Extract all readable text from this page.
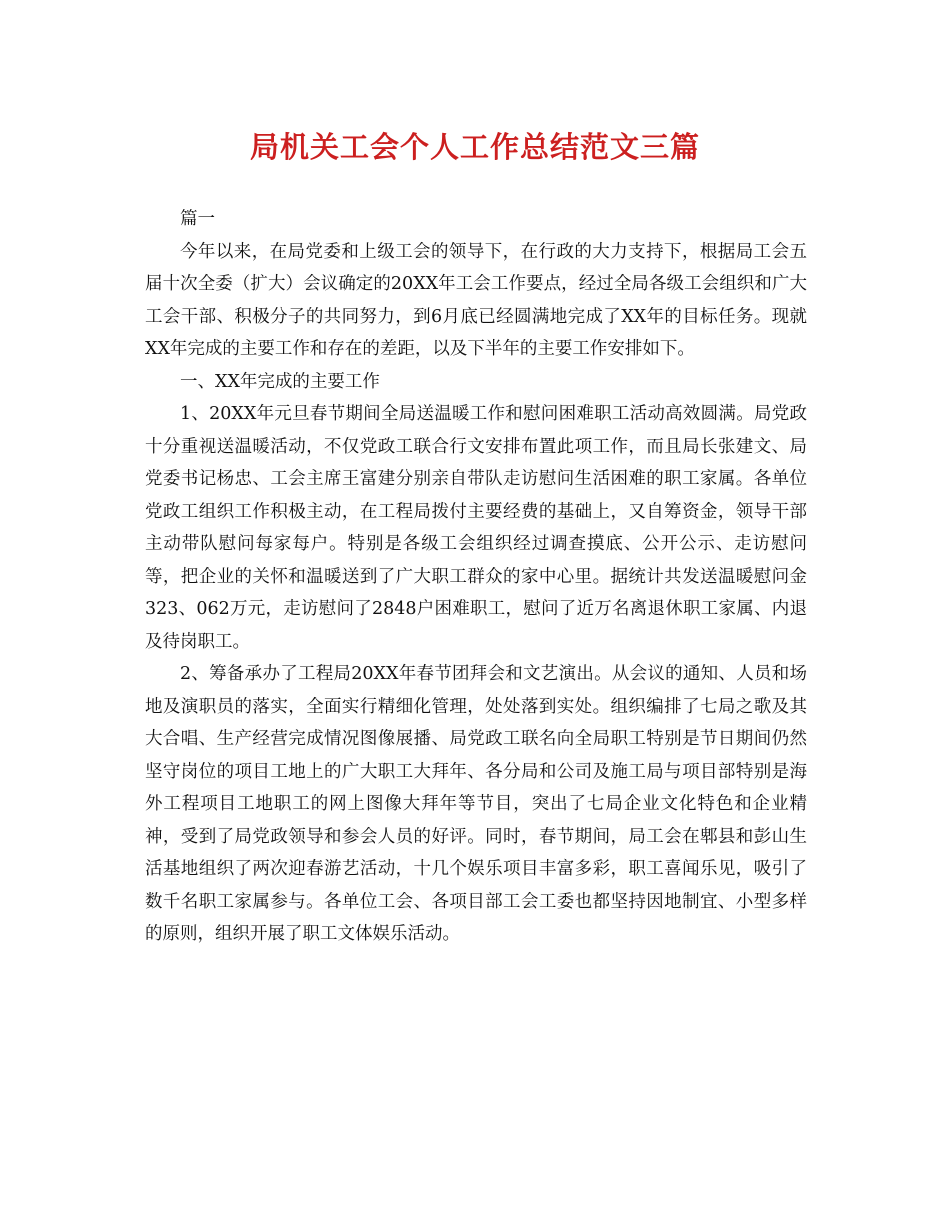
局机关工会个人工作总结范文三篇

篇一

今年以来，在局党委和上级工会的领导下，在行政的大力支持下，根据局工会五届十次全委（扩大）会议确定的20XX年工会工作要点，经过全局各级工会组织和广大工会干部、积极分子的共同努力，到6月底已经圆满地完成了XX年的目标任务。现就XX年完成的主要工作和存在的差距，以及下半年的主要工作安排如下。

一、XX年完成的主要工作

1、20XX年元旦春节期间全局送温暖工作和慰问困难职工活动高效圆满。局党政十分重视送温暖活动，不仅党政工联合行文安排布置此项工作，而且局长张建文、局党委书记杨忠、工会主席王富建分别亲自带队走访慰问生活困难的职工家属。各单位党政工组织工作积极主动，在工程局拨付主要经费的基础上，又自筹资金，领导干部主动带队慰问每家每户。特别是各级工会组织经过调查摸底、公开公示、走访慰问等，把企业的关怀和温暖送到了广大职工群众的家中心里。据统计共发送温暖慰问金323、062万元，走访慰问了2848户困难职工，慰问了近万名离退休职工家属、内退及待岗职工。

2、筹备承办了工程局20XX年春节团拜会和文艺演出。从会议的通知、人员和场地及演职员的落实，全面实行精细化管理，处处落到实处。组织编排了七局之歌及其大合唱、生产经营完成情况图像展播、局党政工联名向全局职工特别是节日期间仍然坚守岗位的项目工地上的广大职工大拜年、各分局和公司及施工局与项目部特别是海外工程项目工地职工的网上图像大拜年等节目，突出了七局企业文化特色和企业精神，受到了局党政领导和参会人员的好评。同时，春节期间，局工会在郫县和彭山生活基地组织了两次迎春游艺活动，十几个娱乐项目丰富多彩，职工喜闻乐见，吸引了数千名职工家属参与。各单位工会、各项目部工会工委也都坚持因地制宜、小型多样的原则，组织开展了职工文体娱乐活动。
